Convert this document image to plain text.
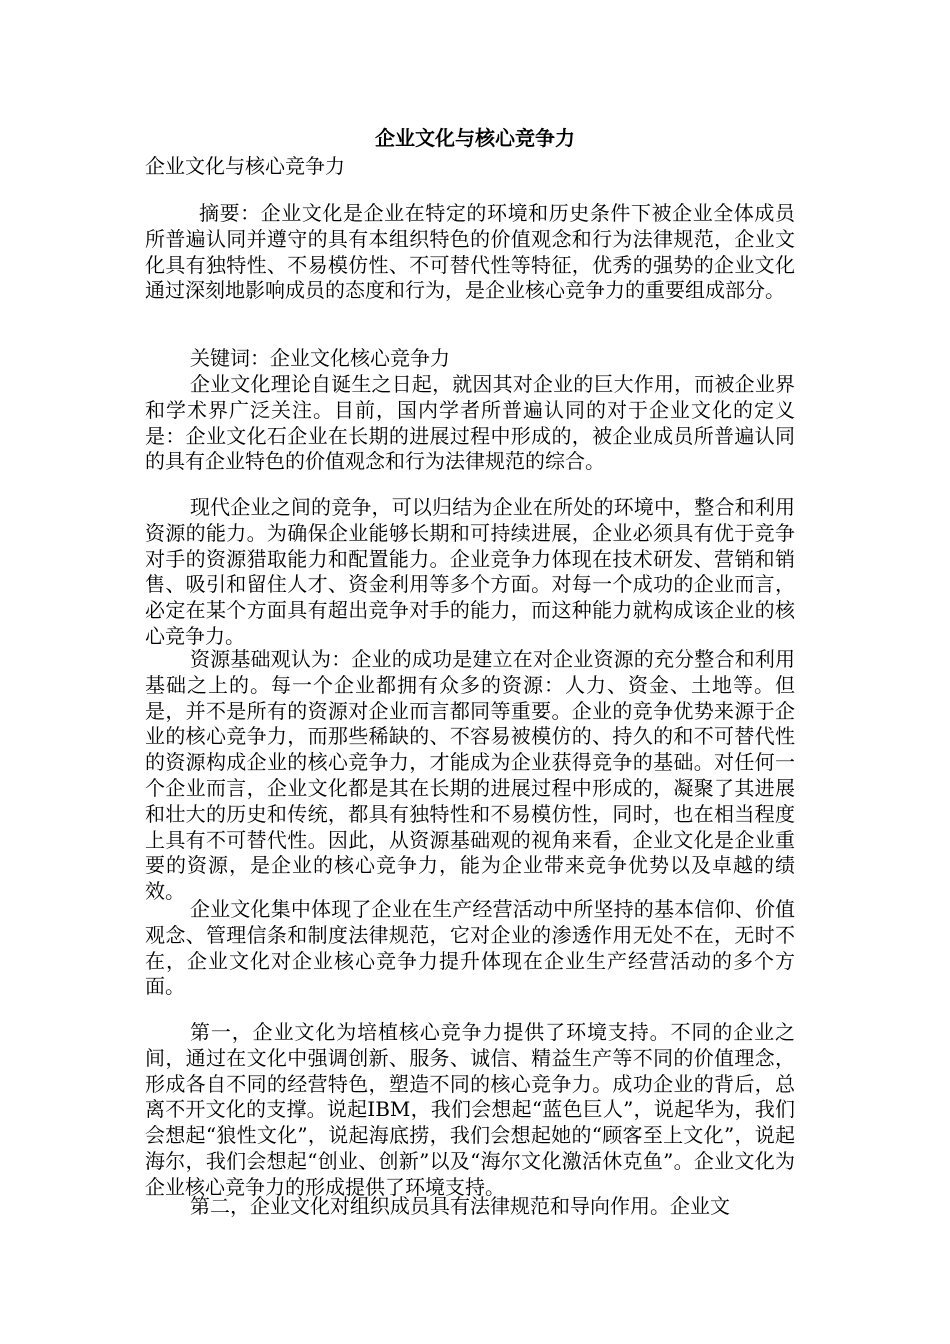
企业文化与核心竞争力
企业文化与核心竞争力

摘要：企业文化是企业在特定的环境和历史条件下被企业全体成员所普遍认同并遵守的具有本组织特色的价值观念和行为法律规范，企业文化具有独特性、不易模仿性、不可替代性等特征，优秀的强势的企业文化通过深刻地影响成员的态度和行为，是企业核心竞争力的重要组成部分。

关键词：企业文化核心竞争力

企业文化理论自诞生之日起，就因其对企业的巨大作用，而被企业界和学术界广泛关注。目前，国内学者所普遍认同的对于企业文化的定义是：企业文化石企业在长期的进展过程中形成的，被企业成员所普遍认同的具有企业特色的价值观念和行为法律规范的综合。

现代企业之间的竞争，可以归结为企业在所处的环境中，整合和利用资源的能力。为确保企业能够长期和可持续进展，企业必须具有优于竞争对手的资源猎取能力和配置能力。企业竞争力体现在技术研发、营销和销售、吸引和留住人才、资金利用等多个方面。对每一个成功的企业而言，必定在某个方面具有超出竞争对手的能力，而这种能力就构成该企业的核心竞争力。

资源基础观认为：企业的成功是建立在对企业资源的充分整合和利用基础之上的。每一个企业都拥有众多的资源：人力、资金、土地等。但是，并不是所有的资源对企业而言都同等重要。企业的竞争优势来源于企业的核心竞争力，而那些稀缺的、不容易被模仿的、持久的和不可替代性的资源构成企业的核心竞争力，才能成为企业获得竞争的基础。对任何一个企业而言，企业文化都是其在长期的进展过程中形成的，凝聚了其进展和壮大的历史和传统，都具有独特性和不易模仿性，同时，也在相当程度上具有不可替代性。因此，从资源基础观的视角来看，企业文化是企业重要的资源，是企业的核心竞争力，能为企业带来竞争优势以及卓越的绩效。

企业文化集中体现了企业在生产经营活动中所坚持的基本信仰、价值观念、管理信条和制度法律规范，它对企业的渗透作用无处不在，无时不在，企业文化对企业核心竞争力提升体现在企业生产经营活动的多个方面。

第一，企业文化为培植核心竞争力提供了环境支持。不同的企业之间，通过在文化中强调创新、服务、诚信、精益生产等不同的价值理念，形成各自不同的经营特色，塑造不同的核心竞争力。成功企业的背后，总离不开文化的支撑。说起IBM，我们会想起“蓝色巨人”，说起华为，我们会想起“狼性文化”，说起海底捞，我们会想起她的“顾客至上文化”，说起海尔，我们会想起“创业、创新”以及“海尔文化激活休克鱼”。企业文化为企业核心竞争力的形成提供了环境支持。

第二，企业文化对组织成员具有法律规范和导向作用。企业文
